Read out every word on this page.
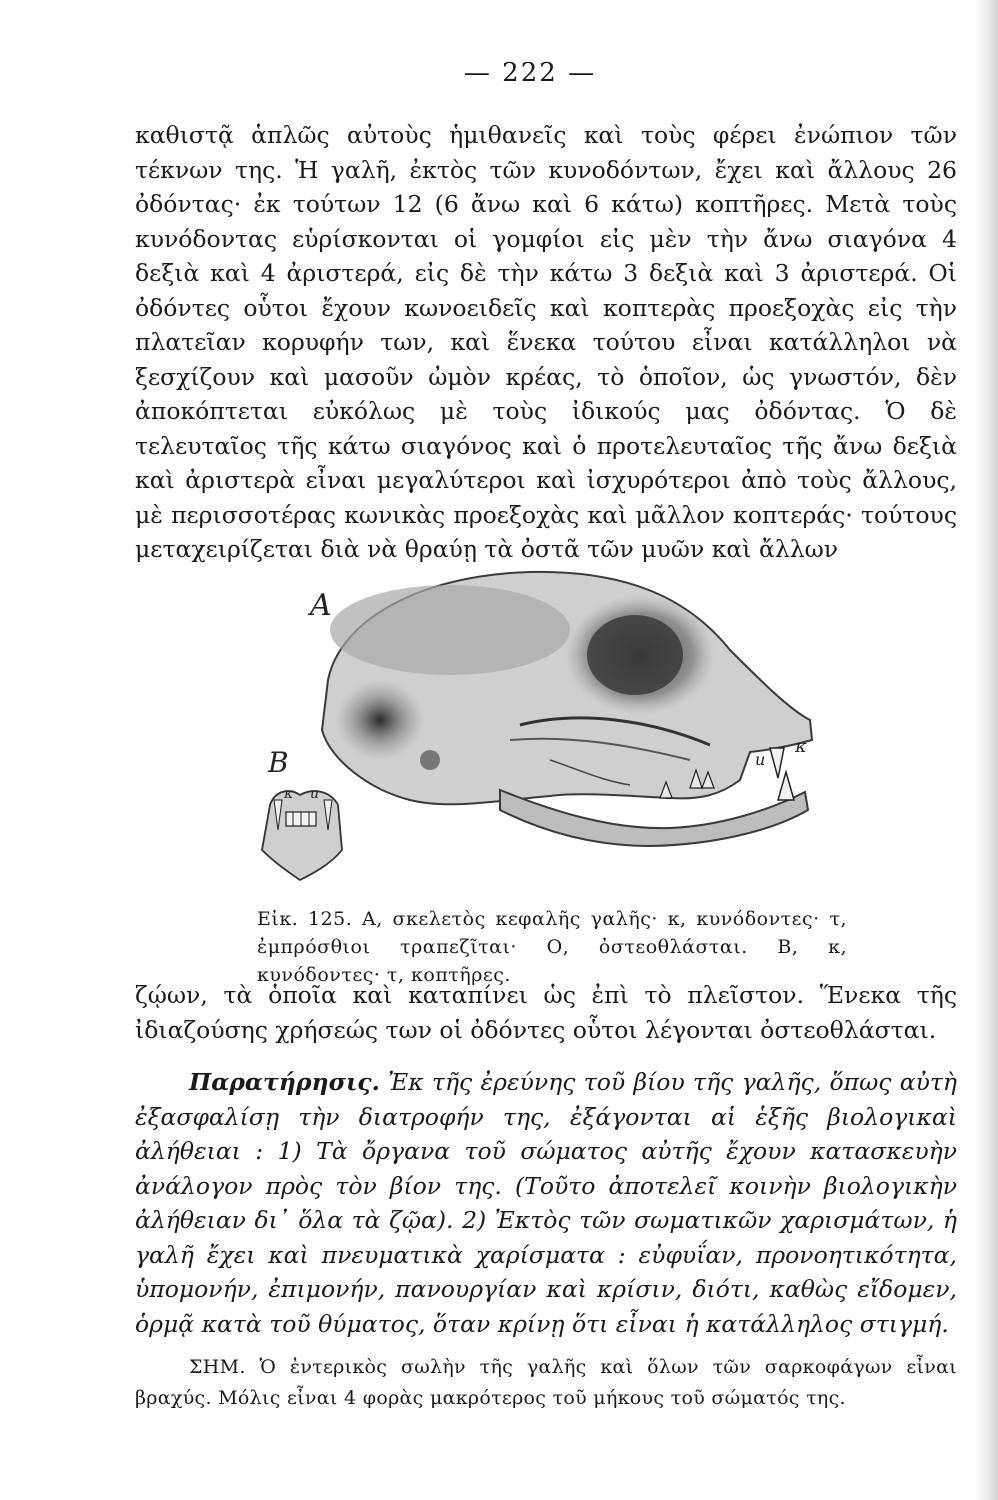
— 222 —

καθιστᾷ ἁπλῶς αὐτοὺς ἡμιθανεῖς καὶ τοὺς φέρει ἐνώπιον τῶν τέκνων της. Ἡ γαλῆ, ἐκτὸς τῶν κυνοδόντων, ἔχει καὶ ἄλλους 26 ὀδόντας· ἐκ τούτων 12 (6 ἄνω καὶ 6 κάτω) κοπτῆρες. Μετὰ τοὺς κυνόδοντας εὑρίσκονται οἱ γομφίοι εἰς μὲν τὴν ἄνω σιαγόνα 4 δεξιὰ καὶ 4 ἀριστερά, εἰς δὲ τὴν κάτω 3 δεξιὰ καὶ 3 ἀριστερά. Οἱ ὀδόντες οὗτοι ἔχουν κωνοειδεῖς καὶ κοπτερὰς προεξοχὰς εἰς τὴν πλατεῖαν κορυφήν των, καὶ ἕνεκα τούτου εἶναι κατάλληλοι νὰ ξεσχίζουν καὶ μασοῦν ὠμὸν κρέας, τὸ ὁποῖον, ὡς γνωστόν, δὲν ἀποκόπτεται εὐκόλως μὲ τοὺς ἰδικούς μας ὀδόντας. Ὁ δὲ τελευταῖος τῆς κάτω σιαγόνος καὶ ὁ προτελευταῖος τῆς ἄνω δεξιὰ καὶ ἀριστερὰ εἶναι μεγαλύτεροι καὶ ἰσχυρότεροι ἀπὸ τοὺς ἄλλους, μὲ περισσοτέρας κωνικὰς προεξοχὰς καὶ μᾶλλον κοπτεράς· τούτους μεταχειρίζεται διὰ νὰ θραύῃ τὰ ὀστᾶ τῶν μυῶν καὶ ἄλλων

A
κ
u
B
κ u
Εἰκ. 125. Α, σκελετὸς κεφαλῆς γαλῆς· κ, κυνόδοντες· τ, ἐμπρόσθιοι τραπεζῖται· Ο, ὀστεοθλάσται. Β, κ, κυνόδοντες· τ, κοπτῆρες.

ζῴων, τὰ ὁποῖα καὶ καταπίνει ὡς ἐπὶ τὸ πλεῖστον. Ἕνεκα τῆς ἰδιαζούσης χρήσεώς των οἱ ὀδόντες οὗτοι λέγονται ὀστεοθλάσται.

Παρατήρησις. Ἐκ τῆς ἐρεύνης τοῦ βίου τῆς γαλῆς, ὅπως αὐτὴ ἐξασφαλίσῃ τὴν διατροφήν της, ἐξάγονται αἱ ἑξῆς βιολογικαὶ ἀλήθειαι : 1) Τὰ ὄργανα τοῦ σώματος αὐτῆς ἔχουν κατασκευὴν ἀνάλογον πρὸς τὸν βίον της. (Τοῦτο ἀποτελεῖ κοινὴν βιολογικὴν ἀλήθειαν δι᾽ ὅλα τὰ ζῷα). 2) Ἐκτὸς τῶν σωματικῶν χαρισμάτων, ἡ γαλῆ ἔχει καὶ πνευματικὰ χαρίσματα : εὐφυΐαν, προνοητικότητα, ὑπομονήν, ἐπιμονήν, πανουργίαν καὶ κρίσιν, διότι, καθὼς εἴδομεν, ὁρμᾷ κατὰ τοῦ θύματος, ὅταν κρίνῃ ὅτι εἶναι ἡ κατάλληλος στιγμή.

ΣΗΜ. Ὁ ἐντερικὸς σωλὴν τῆς γαλῆς καὶ ὅλων τῶν σαρκοφάγων εἶναι βραχύς. Μόλις εἶναι 4 φορὰς μακρότερος τοῦ μήκους τοῦ σώματός της.
